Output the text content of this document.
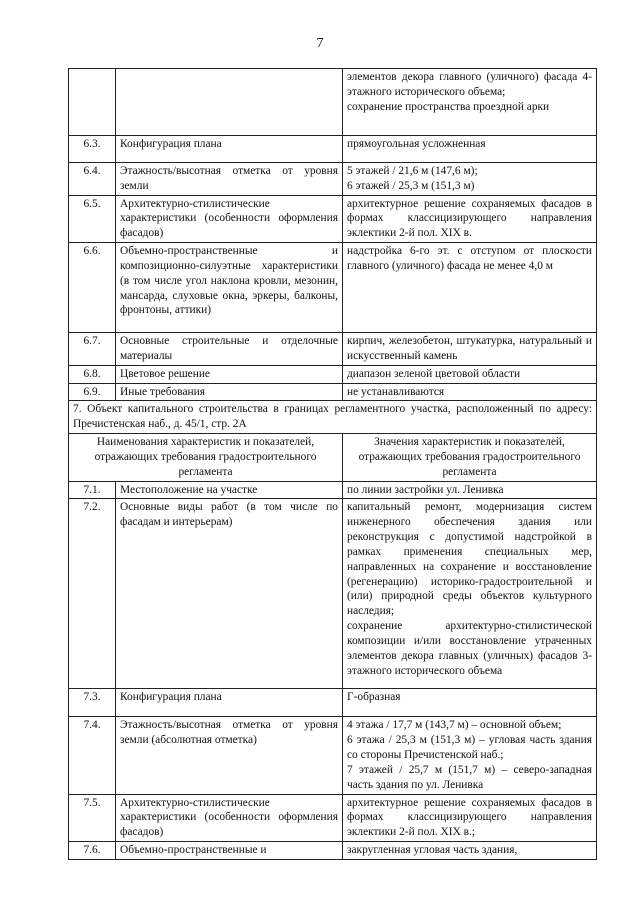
7

		элементов декора главного (уличного) фасада 4-этажного исторического объема;
сохранение пространства проездной арки

6.3.	Конфигурация плана	прямоугольная усложненная
6.4.	Этажность/высотная отметка от уровня земли	5 этажей / 21,6 м (147,6 м);
6 этажей / 25,3 м (151,3 м)

6.5.	Архитектурно-стилистические характеристики (особенности оформления фасадов)	архитектурное решение сохраняемых фасадов в формах классицизирующего направления эклектики 2-й пол. XIX в.
6.6.	Объемно-пространственные и композиционно-силуэтные характеристики (в том числе угол наклона кровли, мезонин, мансарда, слуховые окна, эркеры, балконы, фронтоны, аттики)	надстройка 6-го эт. с отступом от плоскости главного (уличного) фасада не менее 4,0 м
6.7.	Основные строительные и отделочные материалы	кирпич, железобетон, штукатурка, натуральный и искусственный камень
6.8.	Цветовое решение	диапазон зеленой цветовой области
6.9.	Иные требования	не устанавливаются
7. Объект капитального строительства в границах регламентного участка, расположенный по адресу: Пречистенская наб., д. 45/1, стр. 2А		
Наименования характеристик и показателей, отражающих требования градостроительного регламента		Значения характеристик и показателей, отражающих требования градостроительного регламента
7.1.	Местоположение на участке	по линии застройки ул. Ленивка
7.2.	Основные виды работ (в том числе по фасадам и интерьерам)	капитальный ремонт, модернизация систем инженерного обеспечения здания или реконструкция с допустимой надстройкой в рамках применения специальных мер, направленных на сохранение и восстановление (регенерацию) историко-градостроительной и (или) природной среды объектов культурного наследия;
сохранение архитектурно-стилистической композиции и/или восстановление утраченных элементов декора главных (уличных) фасадов 3-этажного исторического объема

7.3.	Конфигурация плана	Г-образная
7.4.	Этажность/высотная отметка от уровня земли (абсолютная отметка)	4 этажа / 17,7 м (143,7 м) – основной объем;
6 этажа / 25,3 м (151,3 м) – угловая часть здания со стороны Пречистенской наб.;
7 этажей / 25,7 м (151,7 м) – северо-западная часть здания по ул. Ленивка

7.5.	Архитектурно-стилистические характеристики (особенности оформления фасадов)	архитектурное решение сохраняемых фасадов в формах классицизирующего направления эклектики 2-й пол. XIX в.;
7.6.	Объемно-пространственные и	закругленная угловая часть здания,
